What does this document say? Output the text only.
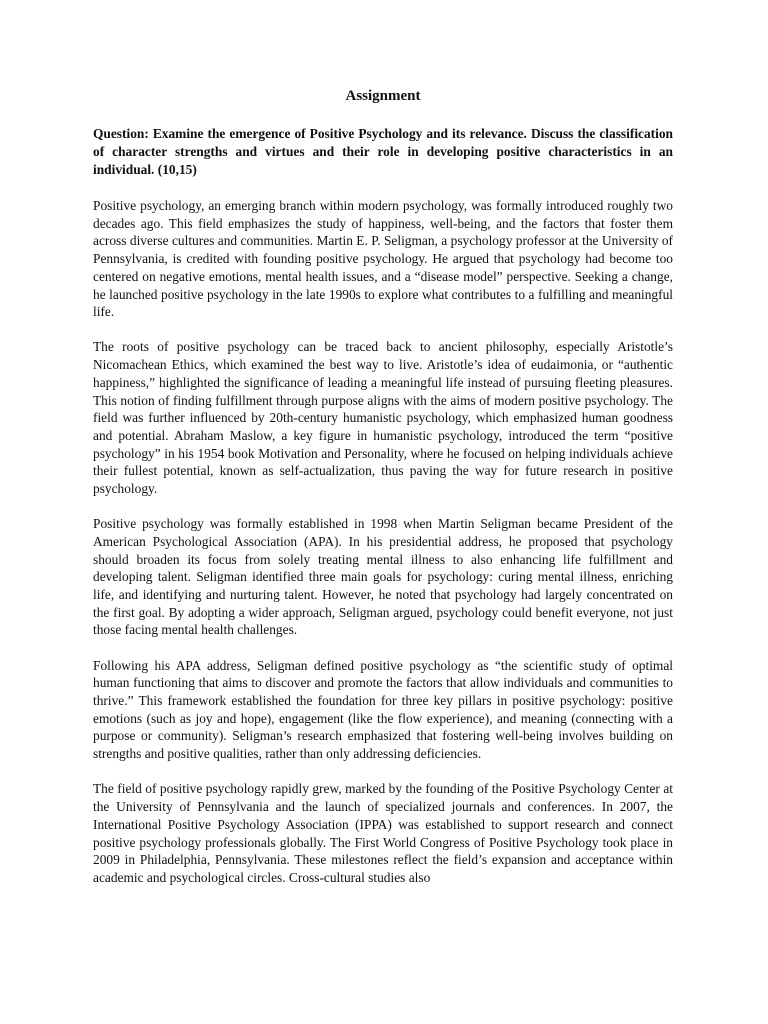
Assignment
Question: Examine the emergence of Positive Psychology and its relevance. Discuss the classification of character strengths and virtues and their role in developing positive characteristics in an individual. (10,15)

Positive psychology, an emerging branch within modern psychology, was formally introduced roughly two decades ago. This field emphasizes the study of happiness, well-being, and the factors that foster them across diverse cultures and communities. Martin E. P. Seligman, a psychology professor at the University of Pennsylvania, is credited with founding positive psychology. He argued that psychology had become too centered on negative emotions, mental health issues, and a “disease model” perspective. Seeking a change, he launched positive psychology in the late 1990s to explore what contributes to a fulfilling and meaningful life.

The roots of positive psychology can be traced back to ancient philosophy, especially Aristotle’s Nicomachean Ethics, which examined the best way to live. Aristotle’s idea of eudaimonia, or “authentic happiness,” highlighted the significance of leading a meaningful life instead of pursuing fleeting pleasures. This notion of finding fulfillment through purpose aligns with the aims of modern positive psychology. The field was further influenced by 20th-century humanistic psychology, which emphasized human goodness and potential. Abraham Maslow, a key figure in humanistic psychology, introduced the term “positive psychology” in his 1954 book Motivation and Personality, where he focused on helping individuals achieve their fullest potential, known as self-actualization, thus paving the way for future research in positive psychology.

Positive psychology was formally established in 1998 when Martin Seligman became President of the American Psychological Association (APA). In his presidential address, he proposed that psychology should broaden its focus from solely treating mental illness to also enhancing life fulfillment and developing talent. Seligman identified three main goals for psychology: curing mental illness, enriching life, and identifying and nurturing talent. However, he noted that psychology had largely concentrated on the first goal. By adopting a wider approach, Seligman argued, psychology could benefit everyone, not just those facing mental health challenges.

Following his APA address, Seligman defined positive psychology as “the scientific study of optimal human functioning that aims to discover and promote the factors that allow individuals and communities to thrive.” This framework established the foundation for three key pillars in positive psychology: positive emotions (such as joy and hope), engagement (like the flow experience), and meaning (connecting with a purpose or community). Seligman’s research emphasized that fostering well-being involves building on strengths and positive qualities, rather than only addressing deficiencies.

The field of positive psychology rapidly grew, marked by the founding of the Positive Psychology Center at the University of Pennsylvania and the launch of specialized journals and conferences. In 2007, the International Positive Psychology Association (IPPA) was established to support research and connect positive psychology professionals globally. The First World Congress of Positive Psychology took place in 2009 in Philadelphia, Pennsylvania. These milestones reflect the field’s expansion and acceptance within academic and psychological circles. Cross-cultural studies also
